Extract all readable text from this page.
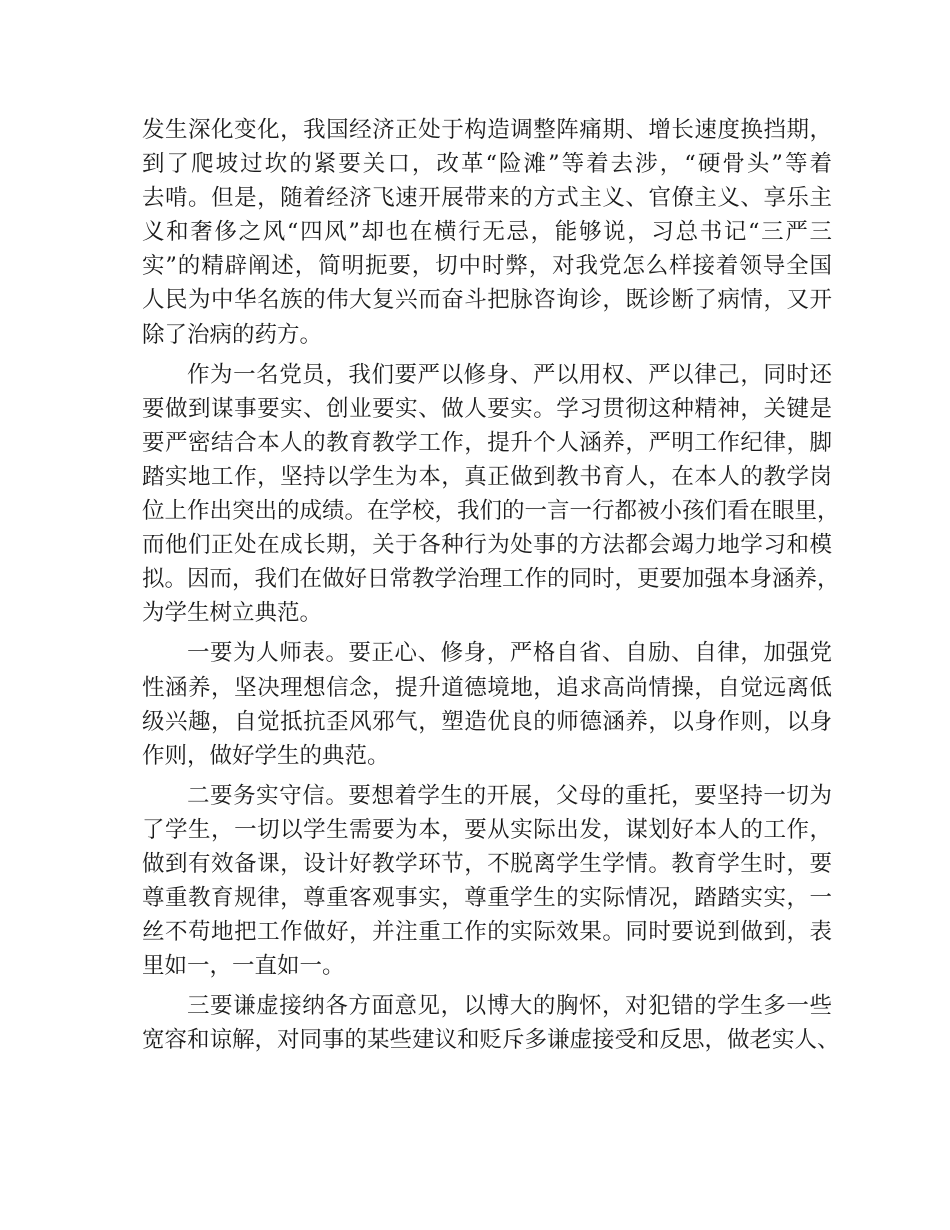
发生深化变化，我国经济正处于构造调整阵痛期、增长速度换挡期，
到了爬坡过坎的紧要关口，改革“险滩”等着去涉，“硬骨头”等着
去啃。但是，随着经济飞速开展带来的方式主义、官僚主义、享乐主
义和奢侈之风“四风”却也在横行无忌，能够说，习总书记“三严三
实”的精辟阐述，简明扼要，切中时弊，对我党怎么样接着领导全国
人民为中华名族的伟大复兴而奋斗把脉咨询诊，既诊断了病情，又开
除了治病的药方。
作为一名党员，我们要严以修身、严以用权、严以律己，同时还
要做到谋事要实、创业要实、做人要实。学习贯彻这种精神，关键是
要严密结合本人的教育教学工作，提升个人涵养，严明工作纪律，脚
踏实地工作，坚持以学生为本，真正做到教书育人，在本人的教学岗
位上作出突出的成绩。在学校，我们的一言一行都被小孩们看在眼里，
而他们正处在成长期，关于各种行为处事的方法都会竭力地学习和模
拟。因而，我们在做好日常教学治理工作的同时，更要加强本身涵养，
为学生树立典范。
一要为人师表。要正心、修身，严格自省、自励、自律，加强党
性涵养，坚决理想信念，提升道德境地，追求高尚情操，自觉远离低
级兴趣，自觉抵抗歪风邪气，塑造优良的师德涵养，以身作则，以身
作则，做好学生的典范。
二要务实守信。要想着学生的开展，父母的重托，要坚持一切为
了学生，一切以学生需要为本，要从实际出发，谋划好本人的工作，
做到有效备课，设计好教学环节，不脱离学生学情。教育学生时，要
尊重教育规律，尊重客观事实，尊重学生的实际情况，踏踏实实，一
丝不苟地把工作做好，并注重工作的实际效果。同时要说到做到，表
里如一，一直如一。
三要谦虚接纳各方面意见，以博大的胸怀，对犯错的学生多一些
宽容和谅解，对同事的某些建议和贬斥多谦虚接受和反思，做老实人、
